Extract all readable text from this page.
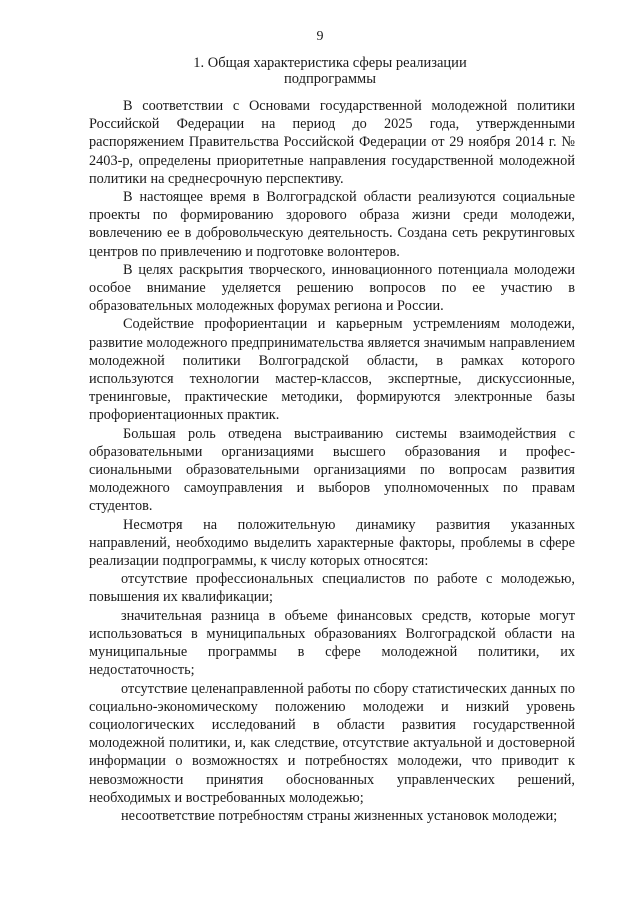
9
1. Общая характеристика сферы реализации
подпрограммы

В соответствии с Основами государственной молодежной политики Российской Федерации на период до 2025 года, утвержденными распоряжением Правительства Российской Федерации от 29 ноября 2014 г. № 2403-р, определены приоритетные направления государственной молодежной политики на среднесрочную перспективу.

В настоящее время в Волгоградской области реализуются социальные проекты по формированию здорового образа жизни среди молодежи, вовлечению ее в добровольческую деятельность. Создана сеть рекрутинговых центров по привлечению и подготовке волонтеров.

В целях раскрытия творческого, инновационного потенциала молодежи особое внимание уделяется решению вопросов по ее участию в образовательных молодежных форумах региона и России.

Содействие профориентации и карьерным устремлениям молодежи, развитие молодежного предпринимательства является значимым направлением молодежной политики Волгоградской области, в рамках которого используются технологии мастер-классов, экспертные, дискуссионные, тренинговые, практические методики, формируются электронные базы профориентационных практик.

Большая роль отведена выстраиванию системы взаимодействия с образовательными организациями высшего образования и профес-сиональными образовательными организациями по вопросам развития молодежного самоуправления и выборов уполномоченных по правам студентов.

Несмотря на положительную динамику развития указанных направлений, необходимо выделить характерные факторы, проблемы в сфере реализации подпрограммы, к числу которых относятся:

отсутствие профессиональных специалистов по работе с молодежью, повышения их квалификации;

значительная разница в объеме финансовых средств, которые могут использоваться в муниципальных образованиях Волгоградской области на муниципальные программы в сфере молодежной политики, их недостаточность;

отсутствие целенаправленной работы по сбору статистических данных по социально-экономическому положению молодежи и низкий уровень социологических исследований в области развития государственной молодежной политики, и, как следствие, отсутствие актуальной и достоверной информации о возможностях и потребностях молодежи, что приводит к невозможности принятия обоснованных управленческих решений, необходимых и востребованных молодежью;

несоответствие потребностям страны жизненных установок молодежи;
